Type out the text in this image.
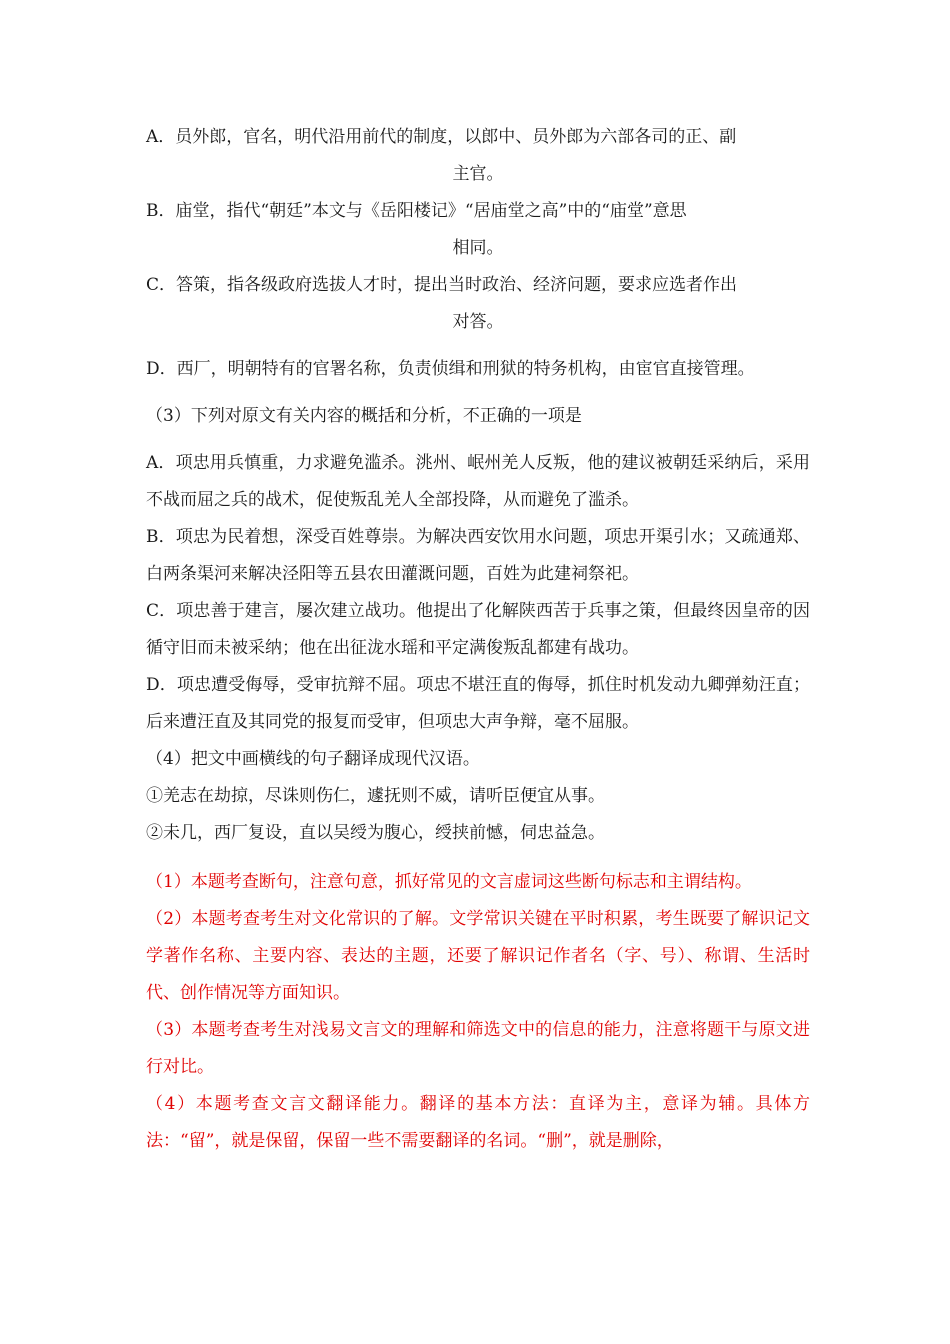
A．员外郎，官名，明代沿用前代的制度，以郎中、员外郎为六部各司的正、副

主官。

B．庙堂，指代“朝廷”本文与《岳阳楼记》“居庙堂之高”中的“庙堂”意思

相同。

C．答策，指各级政府选拔人才时，提出当时政治、经济问题，要求应选者作出

对答。

D．西厂，明朝特有的官署名称，负责侦缉和刑狱的特务机构，由宦官直接管理。

（3）下列对原文有关内容的概括和分析，不正确的一项是

A．项忠用兵慎重，力求避免滥杀。洮州、岷州羌人反叛，他的建议被朝廷采纳后，采用不战而屈之兵的战术，促使叛乱羌人全部投降，从而避免了滥杀。

B．项忠为民着想，深受百姓尊崇。为解决西安饮用水问题，项忠开渠引水；又疏通郑、白两条渠河来解决泾阳等五县农田灌溉问题，百姓为此建祠祭祀。

C．项忠善于建言，屡次建立战功。他提出了化解陕西苦于兵事之策，但最终因皇帝的因循守旧而未被采纳；他在出征泷水瑶和平定满俊叛乱都建有战功。

D．项忠遭受侮辱，受审抗辩不屈。项忠不堪汪直的侮辱，抓住时机发动九卿弹劾汪直；后来遭汪直及其同党的报复而受审，但项忠大声争辩，毫不屈服。

（4）把文中画横线的句子翻译成现代汉语。

①羌志在劫掠，尽诛则伤仁，遽抚则不威，请听臣便宜从事。

②未几，西厂复设，直以吴绶为腹心，绶挟前憾，伺忠益急。

（1）本题考查断句，注意句意，抓好常见的文言虚词这些断句标志和主谓结构。

（2）本题考查考生对文化常识的了解。文学常识关键在平时积累，考生既要了解识记文学著作名称、主要内容、表达的主题，还要了解识记作者名（字、号）、称谓、生活时代、创作情况等方面知识。

（3）本题考查考生对浅易文言文的理解和筛选文中的信息的能力，注意将题干与原文进行对比。

（4）本题考查文言文翻译能力。翻译的基本方法：直译为主，意译为辅。具体方法：“留”，就是保留，保留一些不需要翻译的名词。“删”，就是删除，
